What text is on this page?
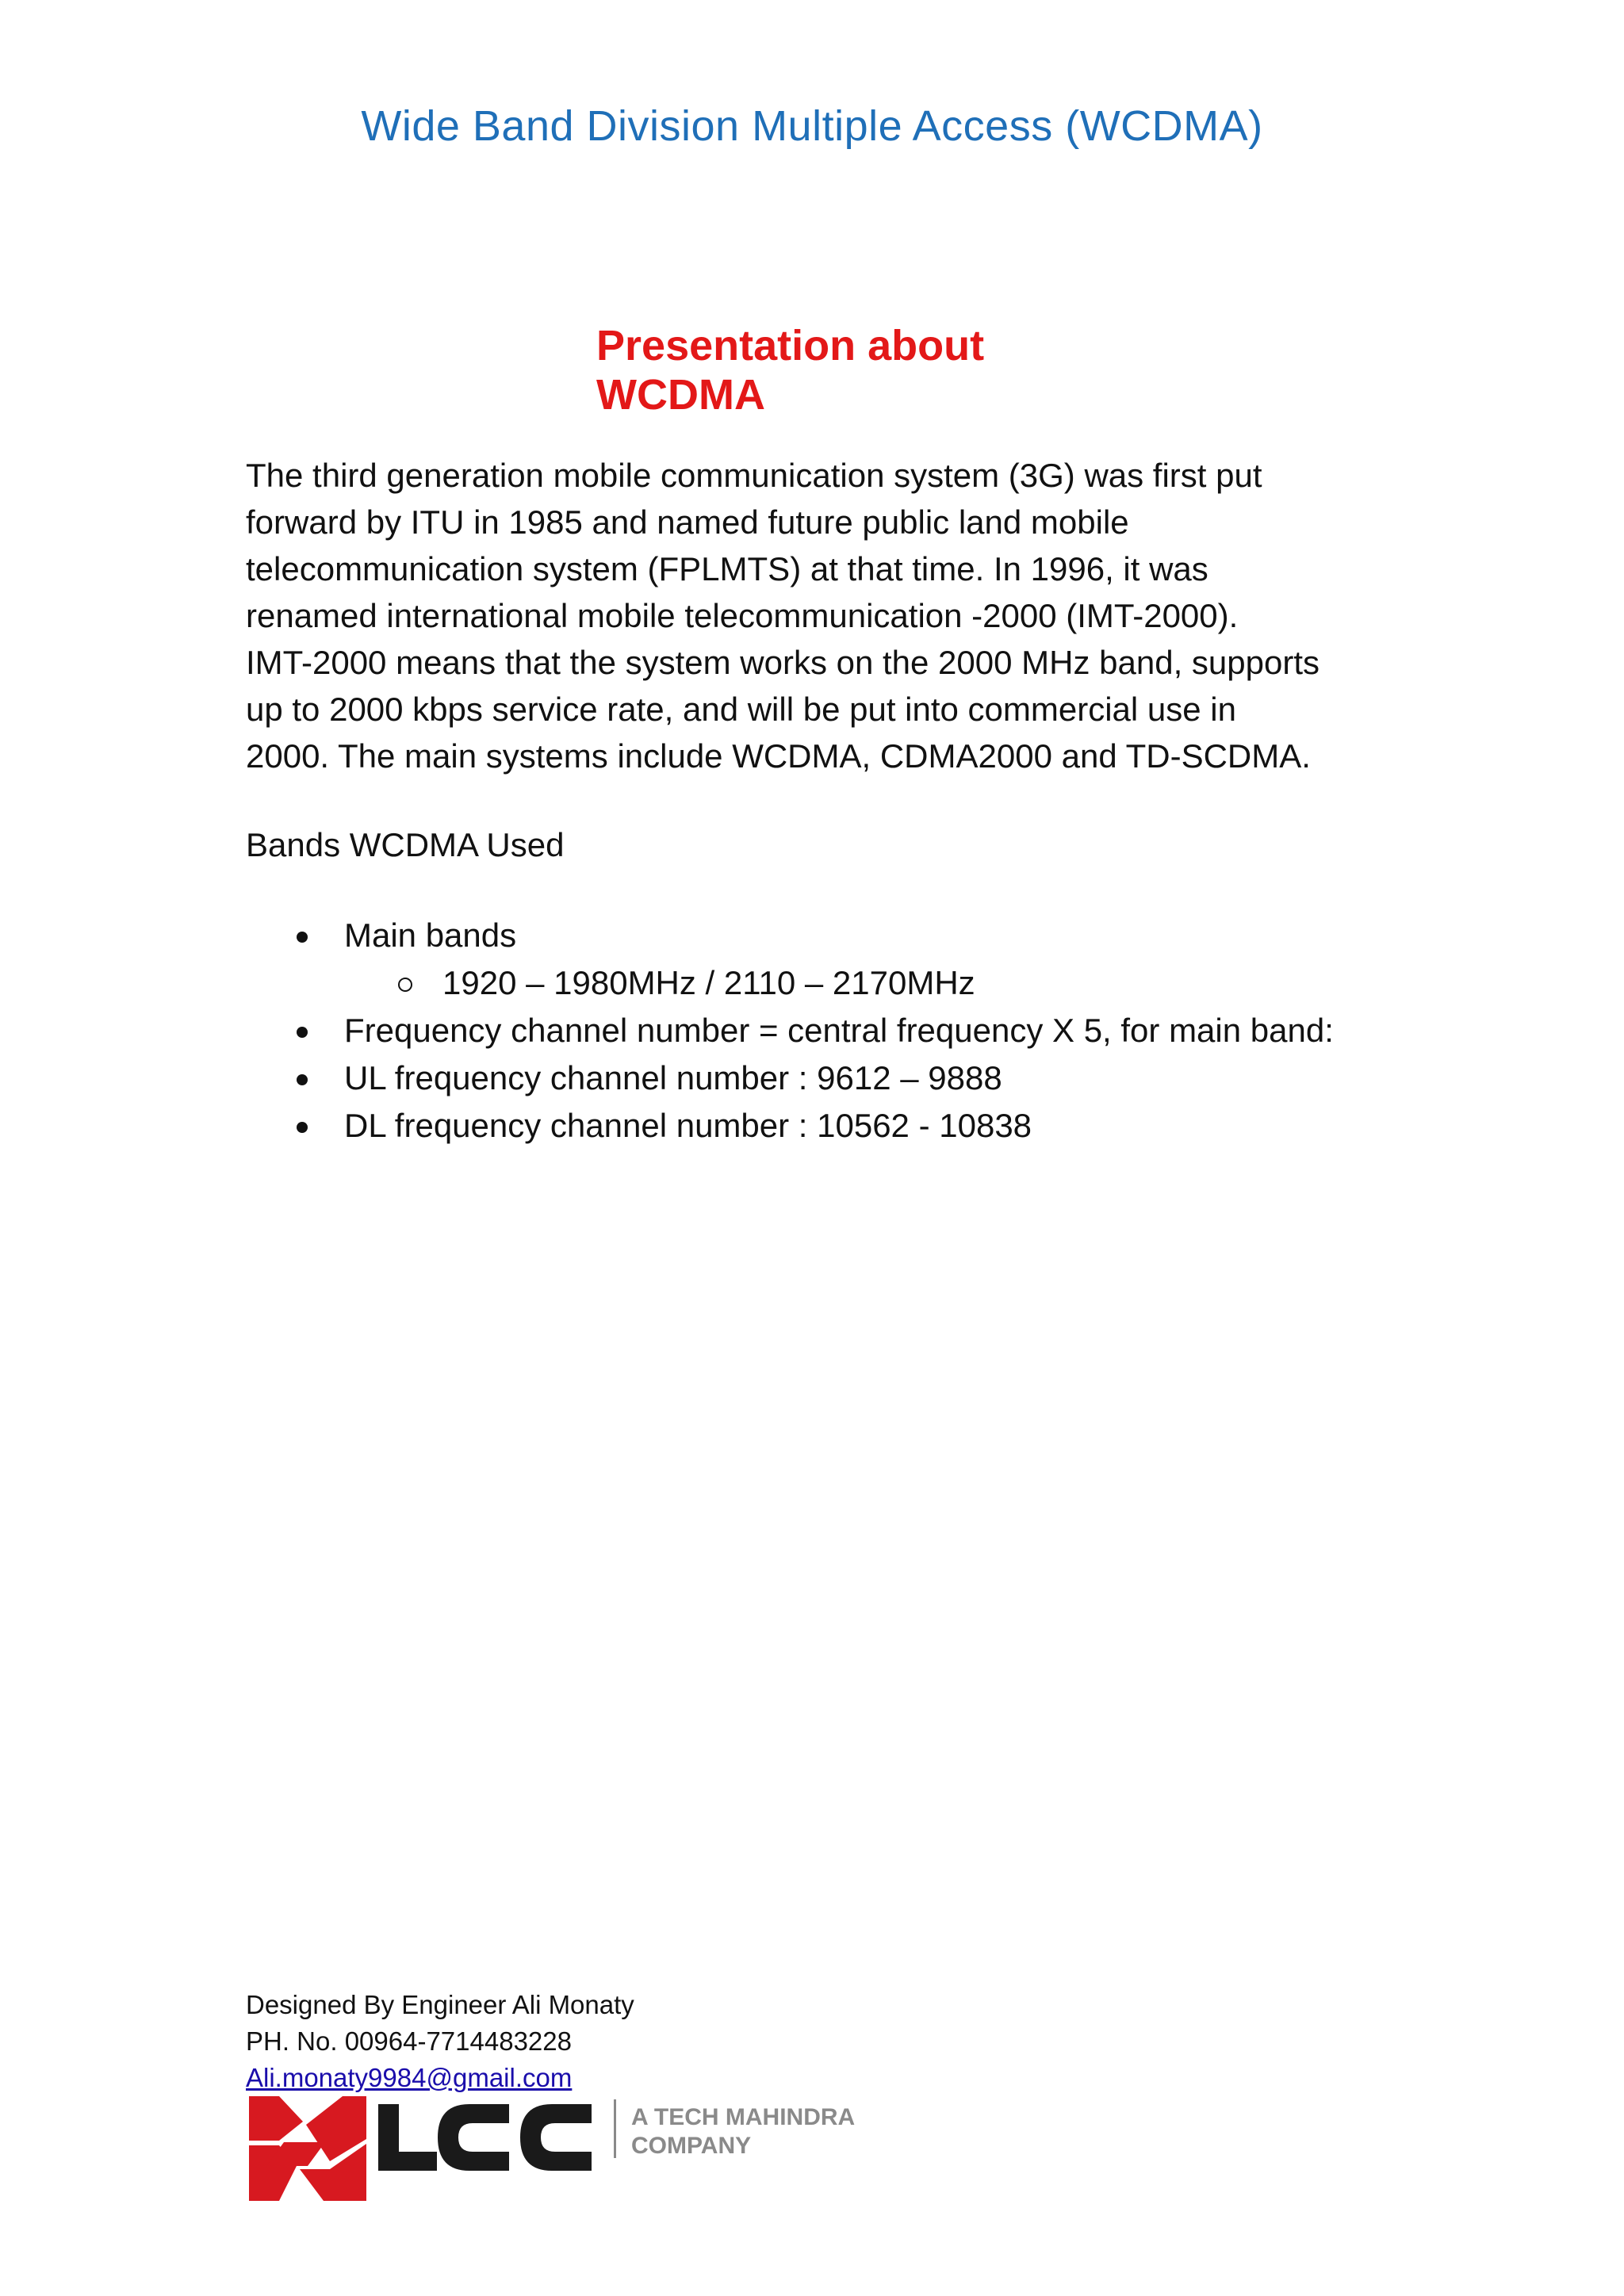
Wide Band Division Multiple Access (WCDMA)
Presentation about WCDMA

The third generation mobile communication system (3G) was first put
forward by ITU in 1985 and named future public land mobile
telecommunication system (FPLMTS) at that time. In 1996, it was
renamed international mobile telecommunication -2000 (IMT-2000).
IMT-2000 means that the system works on the 2000 MHz band, supports
up to 2000 kbps service rate, and will be put into commercial use in
2000. The main systems include WCDMA, CDMA2000 and TD-SCDMA.

Bands WCDMA Used

Main bands
1920 – 1980MHz / 2110 – 2170MHz
Frequency channel number = central frequency X 5, for main band:
UL frequency channel number : 9612 – 9888
DL frequency channel number : 10562 - 10838
Designed By Engineer Ali Monaty
PH. No. 00964-7714483228
Ali.monaty9984@gmail.com
A TECH MAHINDRA
COMPANY
